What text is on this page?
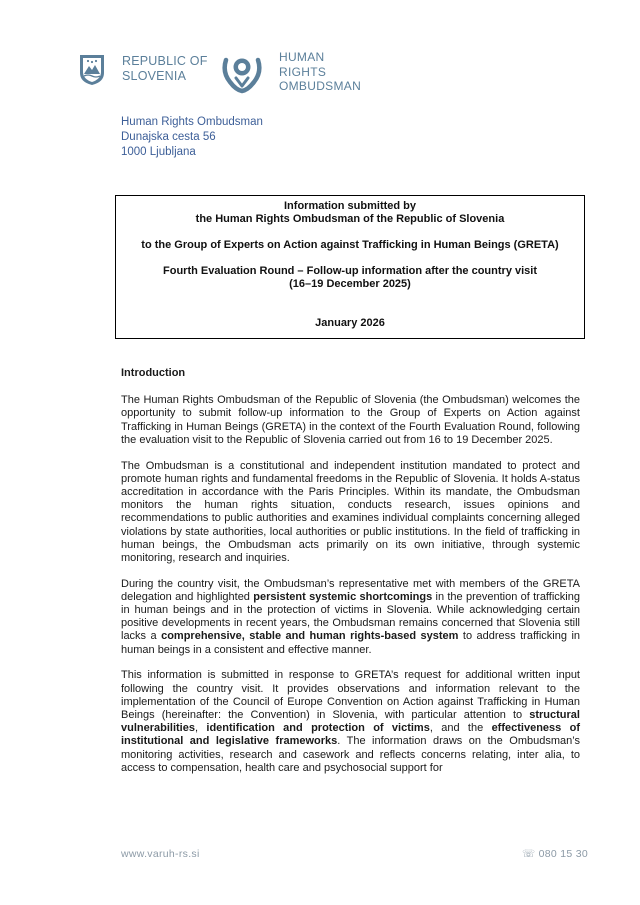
REPUBLIC OF
SLOVENIA
HUMAN
RIGHTS
OMBUDSMAN
Human Rights Ombudsman
Dunajska cesta 56
1000 Ljubljana
Information submitted by
the Human Rights Ombudsman of the Republic of Slovenia
to the Group of Experts on Action against Trafficking in Human Beings (GRETA)
Fourth Evaluation Round – Follow-up information after the country visit
(16–19 December 2025)
January 2026
Introduction

The Human Rights Ombudsman of the Republic of Slovenia (the Ombudsman) welcomes the opportunity to submit follow-up information to the Group of Experts on Action against Trafficking in Human Beings (GRETA) in the context of the Fourth Evaluation Round, following the evaluation visit to the Republic of Slovenia carried out from 16 to 19 December 2025.

The Ombudsman is a constitutional and independent institution mandated to protect and promote human rights and fundamental freedoms in the Republic of Slovenia. It holds A-status accreditation in accordance with the Paris Principles. Within its mandate, the Ombudsman monitors the human rights situation, conducts research, issues opinions and recommendations to public authorities and examines individual complaints concerning alleged violations by state authorities, local authorities or public institutions. In the field of trafficking in human beings, the Ombudsman acts primarily on its own initiative, through systemic monitoring, research and inquiries.

During the country visit, the Ombudsman’s representative met with members of the GRETA delegation and highlighted persistent systemic shortcomings in the prevention of trafficking in human beings and in the protection of victims in Slovenia. While acknowledging certain positive developments in recent years, the Ombudsman remains concerned that Slovenia still lacks a comprehensive, stable and human rights-based system to address trafficking in human beings in a consistent and effective manner.

This information is submitted in response to GRETA’s request for additional written input following the country visit. It provides observations and information relevant to the implementation of the Council of Europe Convention on Action against Trafficking in Human Beings (hereinafter: the Convention) in Slovenia, with particular attention to structural vulnerabilities, identification and protection of victims, and the effectiveness of institutional and legislative frameworks. The information draws on the Ombudsman’s monitoring activities, research and casework and reflects concerns relating, inter alia, to access to compensation, health care and psychosocial support for

www.varuh-rs.si	☏ 080 15 30
